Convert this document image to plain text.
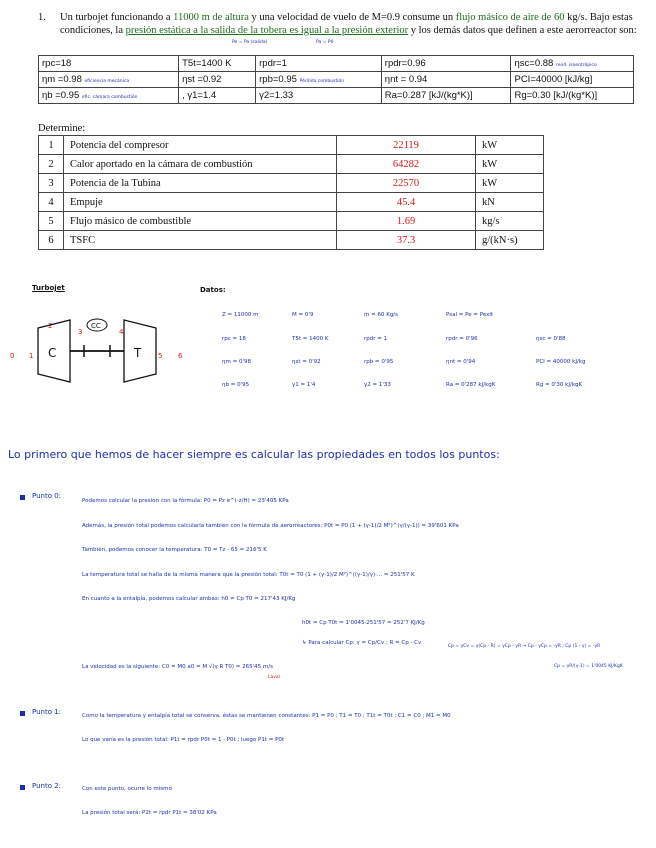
1. Un turbojet funcionando a 11000 m de altura y una velocidad de vuelo de M=0.9 consume un flujo másico de aire de 60 kg/s. Bajo estas condiciones, la presión estática a la salida de la tobera es igual a la presión exterior y los demás datos que definen a este aerorreactor son:
Pe = Pa (salida)	Pa = P0
rpc=18	T5t=1400 K	rpdr=1	rpdr=0.96	ηsc=0.88 rend. isoentrópico
ηm =0.98 eficiencia mecánica	ηst =0.92	rpb=0.95 Pérdida combustión	ηnt = 0.94	PCI=40000 [kJ/kg]
ηb =0.95 efic. cámara combustión	, γ1=1.4	γ2=1.33	Ra=0.287 [kJ/(kg*K)]	Rg=0.30 [kJ/(kg*K)]
Determine:
1	Potencia del compresor	22119	kW
2	Calor aportado en la cámara de combustión	64282	kW
3	Potencia de la Tubina	22570	kW
4	Empuje	45.4	kN
5	Flujo másico de combustible	1.69	kg/s
6	TSFC	37.3	g/(kN·s)
Turbojet
0 1
2
3	4
5 6
C	T
CC
Datos:
Z = 11000 m	M = 0'9	ṁ = 60 Kg/s	Psal = Pe = Pexit
rpc = 18	T5t = 1400 K	rpdr = 1	rpdr = 0'96	ηsc = 0'88
ηm = 0'98	ηst = 0'92	rpb = 0'95	ηnt = 0'94	PCI = 40000 kJ/kg
ηb = 0'95	γ1 = 1'4	γ2 = 1'33	Ra = 0'287 kJ/kgK	Rg = 0'30 kJ/kgK
Lo primero que hemos de hacer siempre es calcular las propiedades en todos los puntos:
Punto 0:
Podemos calcular la presión con la fórmula: P0 = Pz e^(-z/H) = 23'405 KPa
Además, la presión total podemos calcularla también con la fórmula de aerorreactores: P0t = P0 (1 + (γ-1)/2 M²)^(γ/(γ-1)) = 39'601 KPa
También, podemos conocer la temperatura: T0 = Tz - 65 = 216'5 K
La temperatura total se halla de la misma manera que la presión total: T0t = T0 (1 + (γ-1)/2 M²)^((γ-1)/γ)·... = 251'57 K
En cuanto a la entalpía, podemos calcular ambas: h0 = Cp T0 = 217'43 KJ/Kg
h0t = Cp T0t = 1'0045·251'57 = 252'7 KJ/Kg
↳ Para calcular Cp: γ = Cp/Cv ; R = Cp - Cv
Cp = γCv = γ(Cp - R) = γCp - γR → Cp - γCp = -γR ; Cp (1 - γ) = -γR
Cp = γR/(γ-1) = 1'0045 KJ/KgK
La velocidad es la siguiente: C0 = M0 a0 = M √(γ R T0) = 265'45 m/s
Laval
Punto 1:	Como la temperatura y entalpía total se conserva, éstas se mantienen constantes: P1 = P0 ; T1 = T0 ; T1t = T0t ; C1 = C0 ; M1 = M0
Lo que varía es la presión total: P1t = rpdr P0t = 1 · P0t ; luego P1t = P0t
Punto 2:	Con este punto, ocurre lo mismo
La presión total será: P2t = rpdr P1t = 38'02 KPa
